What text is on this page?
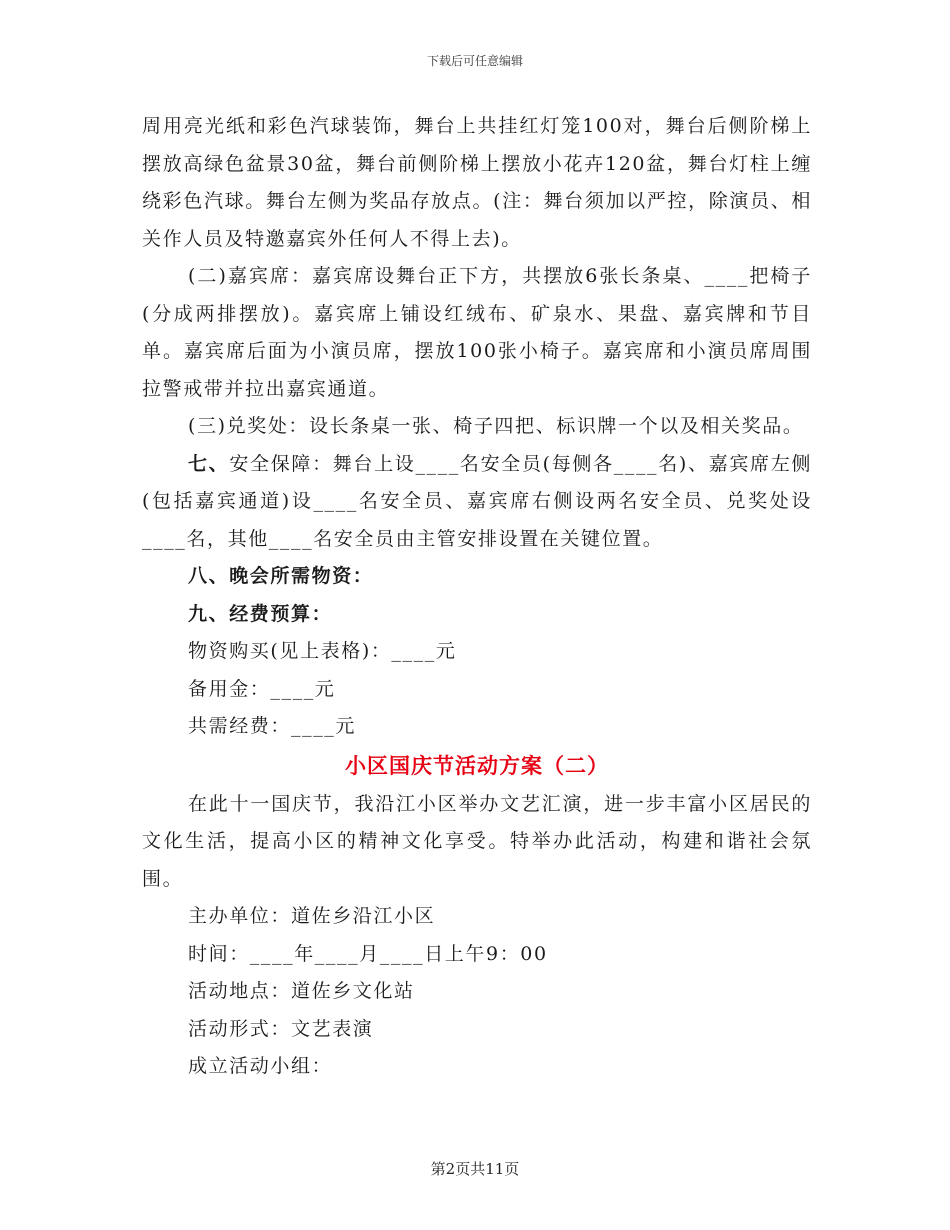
下载后可任意编辑

周用亮光纸和彩色汽球装饰，舞台上共挂红灯笼100对，舞台后侧阶梯上摆放高绿色盆景30盆，舞台前侧阶梯上摆放小花卉120盆，舞台灯柱上缠绕彩色汽球。舞台左侧为奖品存放点。(注：舞台须加以严控，除演员、相关作人员及特邀嘉宾外任何人不得上去)。

(二)嘉宾席：嘉宾席设舞台正下方，共摆放6张长条桌、____把椅子(分成两排摆放)。嘉宾席上铺设红绒布、矿泉水、果盘、嘉宾牌和节目单。嘉宾席后面为小演员席，摆放100张小椅子。嘉宾席和小演员席周围拉警戒带并拉出嘉宾通道。

(三)兑奖处：设长条桌一张、椅子四把、标识牌一个以及相关奖品。

七、安全保障：舞台上设____名安全员(每侧各____名)、嘉宾席左侧(包括嘉宾通道)设____名安全员、嘉宾席右侧设两名安全员、兑奖处设____名，其他____名安全员由主管安排设置在关键位置。

八、晚会所需物资：

九、经费预算：

物资购买(见上表格)：____元

备用金：____元

共需经费：____元

小区国庆节活动方案（二）

在此十一国庆节，我沿江小区举办文艺汇演，进一步丰富小区居民的文化生活，提高小区的精神文化享受。特举办此活动，构建和谐社会氛围。

主办单位：道佐乡沿江小区

时间：____年____月____日上午9：00

活动地点：道佐乡文化站

活动形式：文艺表演

成立活动小组：

第2页共11页
